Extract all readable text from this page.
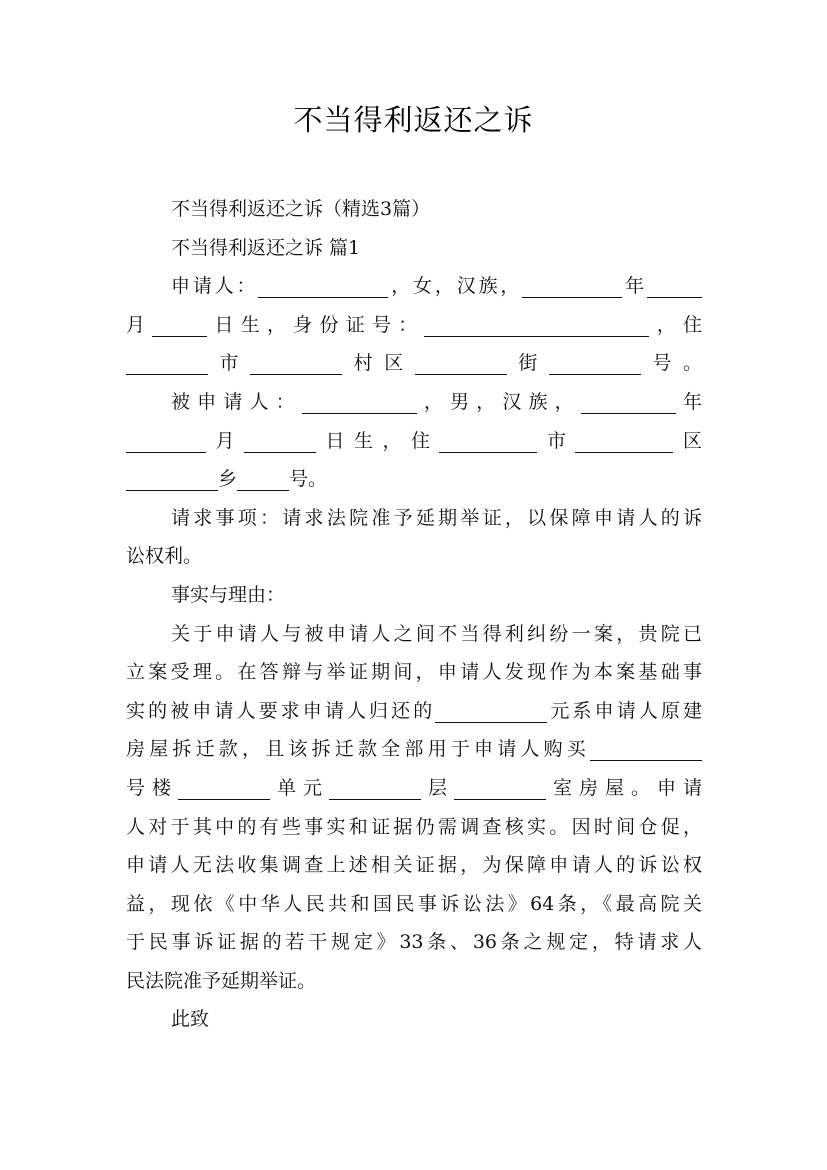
不当得利返还之诉
不当得利返还之诉（精选3篇）
不当得利返还之诉 篇1
申请人：	，女，汉族，	年
月	日生，身份证号：	，住
市	村区	街	号。
被申请人：	，男，汉族，	年
月	日生，住	市	区
乡	号。
请求事项：请求法院准予延期举证，以保障申请人的诉
讼权利。
事实与理由：
关于申请人与被申请人之间不当得利纠纷一案，贵院已
立案受理。在答辩与举证期间，申请人发现作为本案基础事
实的被申请人要求申请人归还的	元系申请人原建
房屋拆迁款，且该拆迁款全部用于申请人购买
号楼	单元	层	室房屋。申请
人对于其中的有些事实和证据仍需调查核实。因时间仓促，
申请人无法收集调查上述相关证据，为保障申请人的诉讼权
益，现依《中华人民共和国民事诉讼法》64条，《最高院关
于民事诉证据的若干规定》33条、36条之规定，特请求人
民法院准予延期举证。
此致
